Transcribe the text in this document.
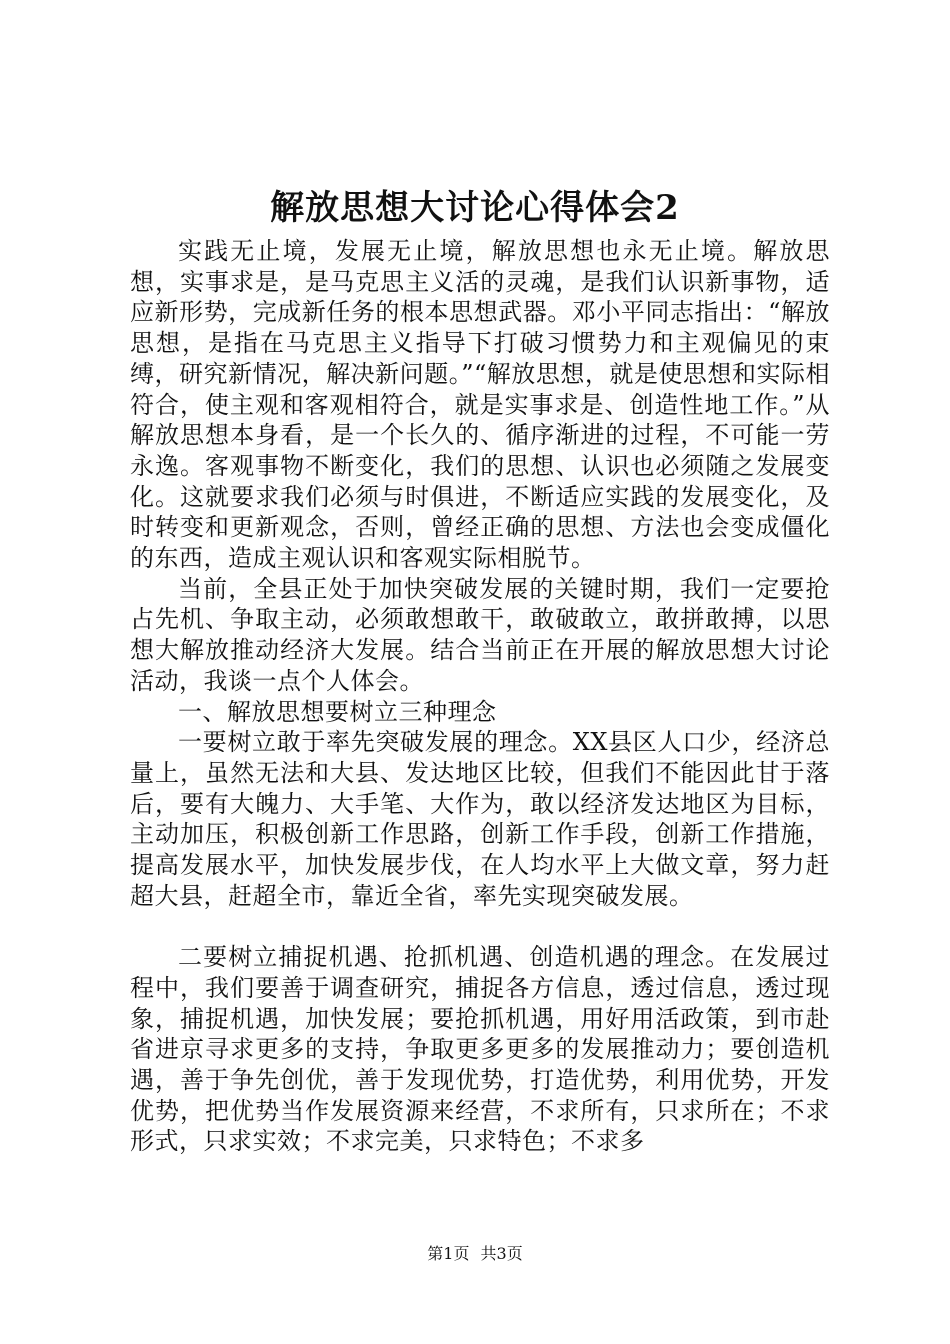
解放思想大讨论心得体会2

实践无止境，发展无止境，解放思想也永无止境。解放思想，实事求是，是马克思主义活的灵魂，是我们认识新事物，适应新形势，完成新任务的根本思想武器。邓小平同志指出：“解放思想，是指在马克思主义指导下打破习惯势力和主观偏见的束缚，研究新情况，解决新问题。”“解放思想，就是使思想和实际相符合，使主观和客观相符合，就是实事求是、创造性地工作。”从解放思想本身看，是一个长久的、循序渐进的过程，不可能一劳永逸。客观事物不断变化，我们的思想、认识也必须随之发展变化。这就要求我们必须与时俱进，不断适应实践的发展变化，及时转变和更新观念，否则，曾经正确的思想、方法也会变成僵化的东西，造成主观认识和客观实际相脱节。

当前，全县正处于加快突破发展的关键时期，我们一定要抢占先机、争取主动，必须敢想敢干，敢破敢立，敢拼敢搏，以思想大解放推动经济大发展。结合当前正在开展的解放思想大讨论活动，我谈一点个人体会。

一、解放思想要树立三种理念

一要树立敢于率先突破发展的理念。XX县区人口少，经济总量上，虽然无法和大县、发达地区比较，但我们不能因此甘于落后，要有大魄力、大手笔、大作为，敢以经济发达地区为目标，主动加压，积极创新工作思路，创新工作手段，创新工作措施，提高发展水平，加快发展步伐，在人均水平上大做文章，努力赶超大县，赶超全市，靠近全省，率先实现突破发展。

二要树立捕捉机遇、抢抓机遇、创造机遇的理念。在发展过程中，我们要善于调查研究，捕捉各方信息，透过信息，透过现象，捕捉机遇，加快发展；要抢抓机遇，用好用活政策，到市赴省进京寻求更多的支持，争取更多更多的发展推动力；要创造机遇，善于争先创优，善于发现优势，打造优势，利用优势，开发优势，把优势当作发展资源来经营，不求所有，只求所在；不求形式，只求实效；不求完美，只求特色；不求多

第1页 共3页
